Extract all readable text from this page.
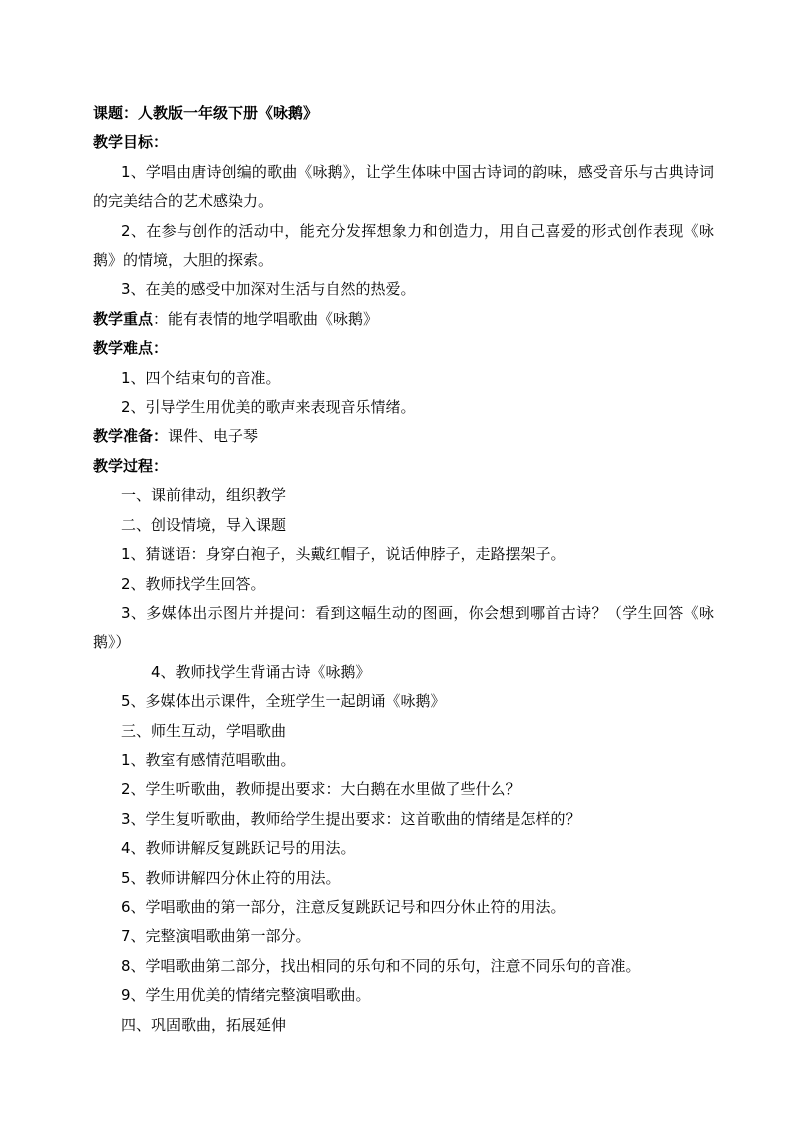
课题：人教版一年级下册《咏鹅》

教学目标：

1、学唱由唐诗创编的歌曲《咏鹅》，让学生体味中国古诗词的韵味，感受音乐与古典诗词的完美结合的艺术感染力。

2、在参与创作的活动中，能充分发挥想象力和创造力，用自己喜爱的形式创作表现《咏鹅》的情境，大胆的探索。

3、在美的感受中加深对生活与自然的热爱。

教学重点：能有表情的地学唱歌曲《咏鹅》

教学难点：

1、四个结束句的音准。

2、引导学生用优美的歌声来表现音乐情绪。

教学准备：课件、电子琴

教学过程：

一、课前律动，组织教学

二、创设情境，导入课题

1、猜谜语：身穿白袍子，头戴红帽子，说话伸脖子，走路摆架子。

2、教师找学生回答。

3、多媒体出示图片并提问：看到这幅生动的图画，你会想到哪首古诗？（学生回答《咏鹅》）

4、教师找学生背诵古诗《咏鹅》

5、多媒体出示课件，全班学生一起朗诵《咏鹅》

三、师生互动，学唱歌曲

1、教室有感情范唱歌曲。

2、学生听歌曲，教师提出要求：大白鹅在水里做了些什么？

3、学生复听歌曲，教师给学生提出要求：这首歌曲的情绪是怎样的？

4、教师讲解反复跳跃记号的用法。

5、教师讲解四分休止符的用法。

6、学唱歌曲的第一部分，注意反复跳跃记号和四分休止符的用法。

7、完整演唱歌曲第一部分。

8、学唱歌曲第二部分，找出相同的乐句和不同的乐句，注意不同乐句的音准。

9、学生用优美的情绪完整演唱歌曲。

四、巩固歌曲，拓展延伸
